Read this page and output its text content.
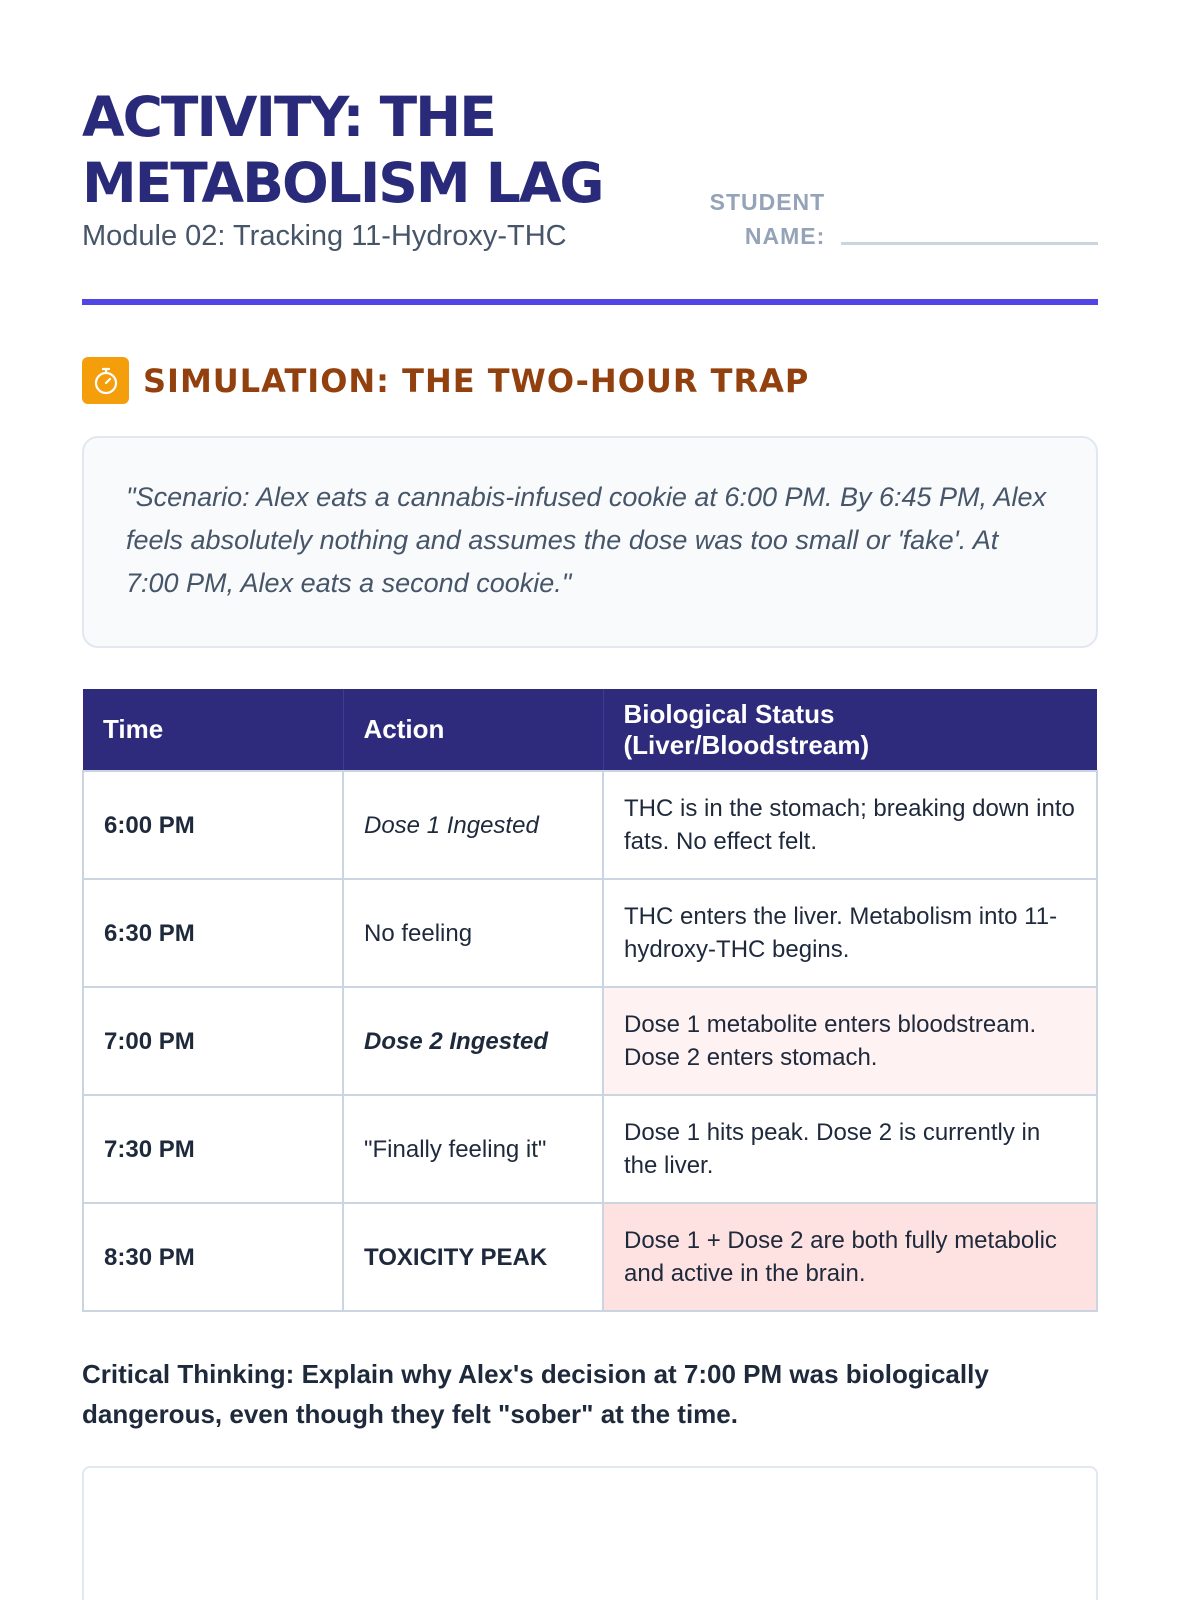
ACTIVITY: THE METABOLISM LAG
Module 02: Tracking 11-Hydroxy-THC
STUDENT NAME:
SIMULATION: THE TWO-HOUR TRAP

"Scenario: Alex eats a cannabis-infused cookie at 6:00 PM. By 6:45 PM, Alex feels absolutely nothing and assumes the dose was too small or 'fake'. At 7:00 PM, Alex eats a second cookie."

Time	Action	Biological Status (Liver/Bloodstream)
6:00 PM	Dose 1 Ingested	THC is in the stomach; breaking down into fats. No effect felt.
6:30 PM	No feeling	THC enters the liver. Metabolism into 11-hydroxy-THC begins.
7:00 PM	Dose 2 Ingested	Dose 1 metabolite enters bloodstream. Dose 2 enters stomach.
7:30 PM	"Finally feeling it"	Dose 1 hits peak. Dose 2 is currently in the liver.
8:30 PM	TOXICITY PEAK	Dose 1 + Dose 2 are both fully metabolic and active in the brain.

Critical Thinking: Explain why Alex's decision at 7:00 PM was biologically dangerous, even though they felt "sober" at the time.
